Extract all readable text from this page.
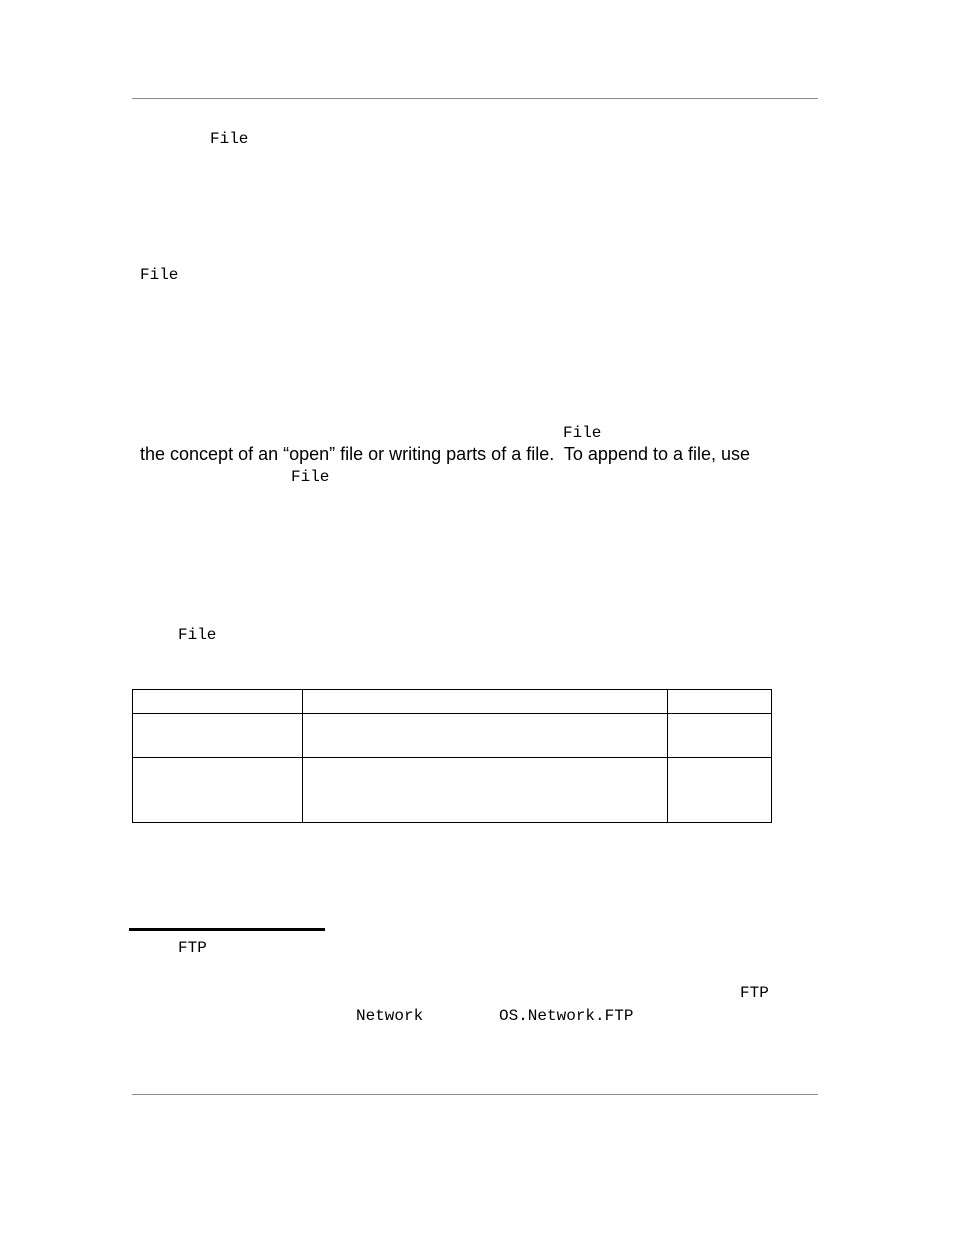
File
File
File
the concept of an “open” file or writing parts of a file.  To append to a file, use
File
File

FTP
FTP
Network	OS.Network.FTP
